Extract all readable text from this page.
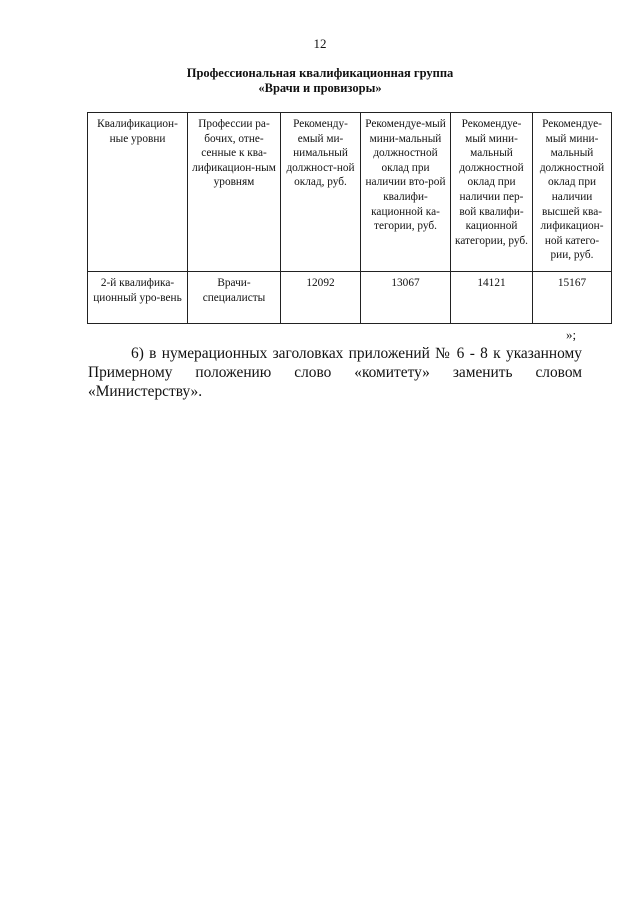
12
Профессиональная квалификационная группа
«Врачи и провизоры»
Квалификацион-ные уровни	Профессии ра-бочих, отне-сенные к ква-лификацион-ным уровням	Рекоменду-емый ми-нимальный должност-ной оклад, руб.	Рекомендуе-мый мини-мальный должностной оклад при наличии вто-рой квалифи-кационной ка-тегории, руб.	Рекомендуе-мый мини-мальный должностной оклад при наличии пер-вой квалифи-кационной категории, руб.	Рекомендуе-мый мини-мальный должностной оклад при наличии высшей ква-лификацион-ной катего-рии, руб.
2-й квалифика-ционный уро-вень	Врачи-специалисты	12092	13067	14121	15167
»;

6) в нумерационных заголовках приложений № 6 - 8 к указанному Примерному положению слово «комитету» заменить словом «Министерству».
